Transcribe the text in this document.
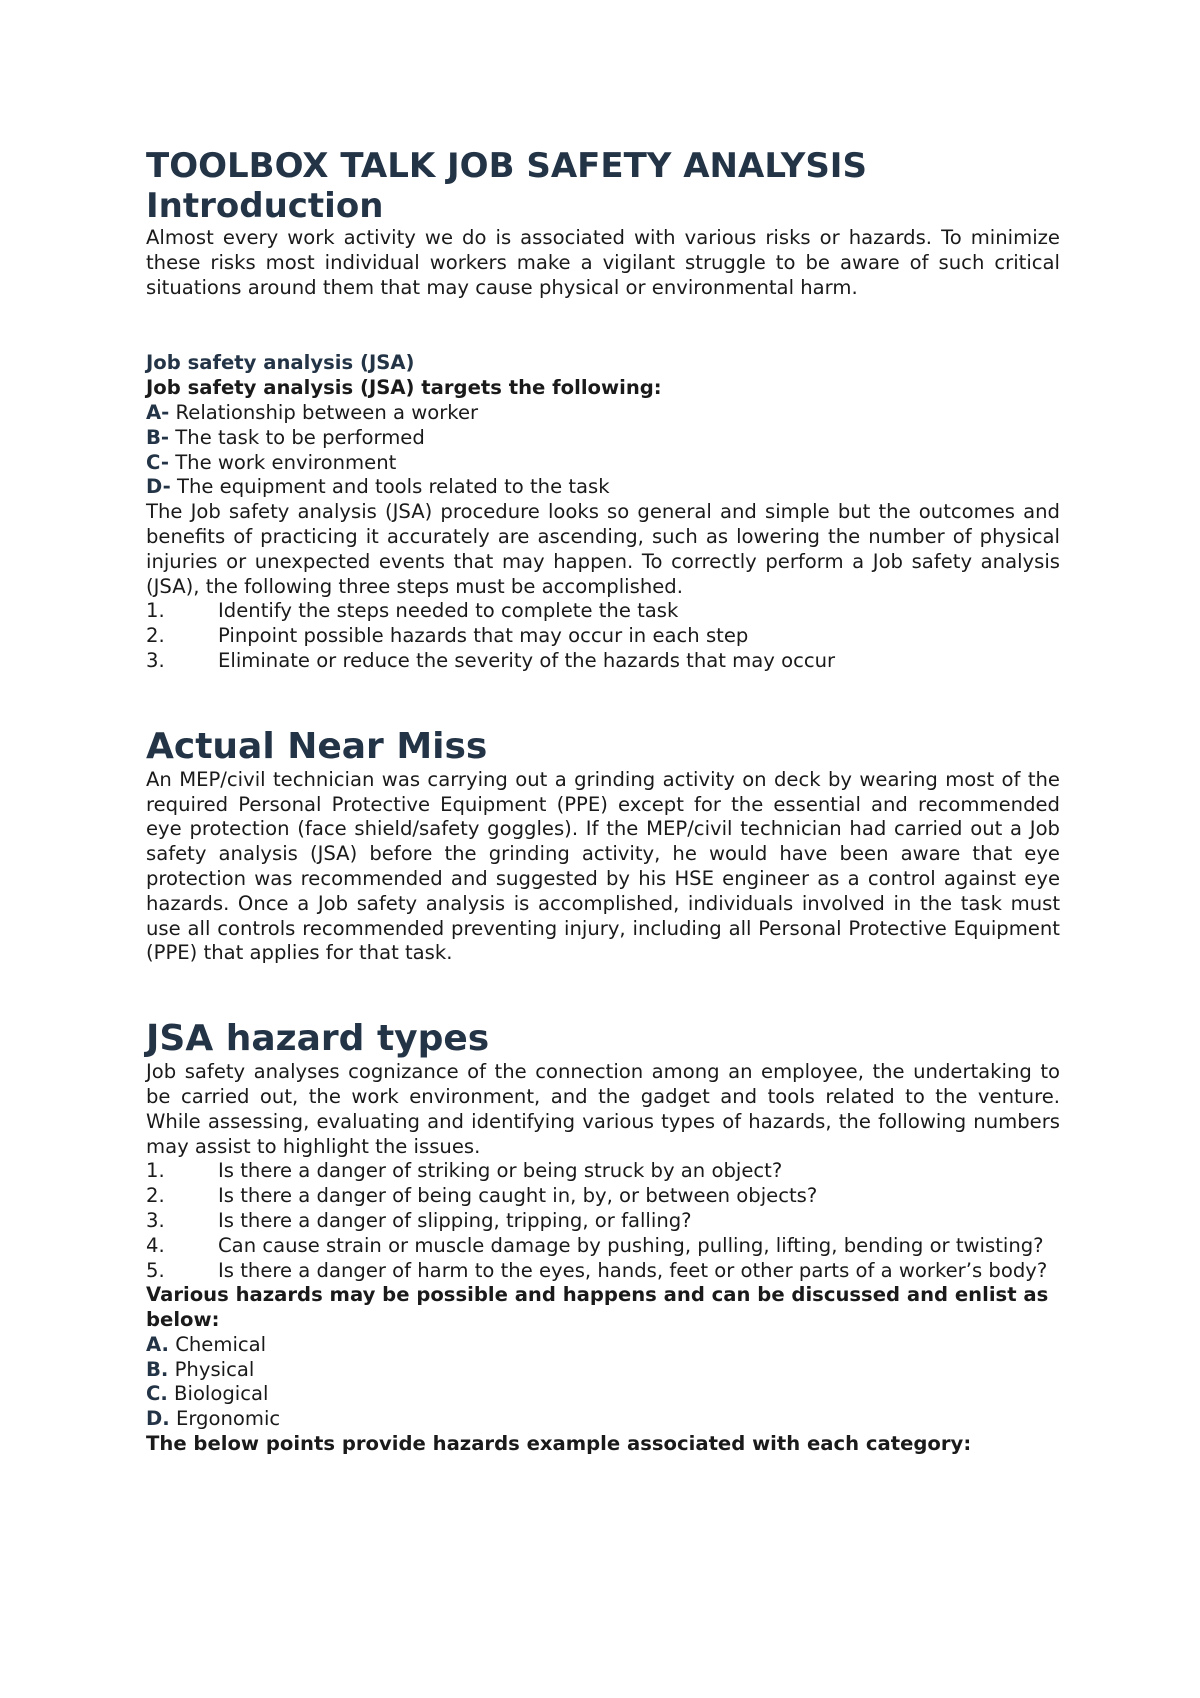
TOOLBOX TALK JOB SAFETY ANALYSIS
Introduction

Almost every work activity we do is associated with various risks or hazards. To minimize these risks most individual workers make a vigilant struggle to be aware of such critical situations around them that may cause physical or environmental harm.

Job safety analysis (JSA)

Job safety analysis (JSA) targets the following:

A- Relationship between a worker

B- The task to be performed

C- The work environment

D- The equipment and tools related to the task

The Job safety analysis (JSA) procedure looks so general and simple but the outcomes and benefits of practicing it accurately are ascending, such as lowering the number of physical injuries or unexpected events that may happen. To correctly perform a Job safety analysis (JSA), the following three steps must be accomplished.

1.	Identify the steps needed to complete the task
2.	Pinpoint possible hazards that may occur in each step
3.	Eliminate or reduce the severity of the hazards that may occur
Actual Near Miss

An MEP/civil technician was carrying out a grinding activity on deck by wearing most of the required Personal Protective Equipment (PPE) except for the essential and recommended eye protection (face shield/safety goggles). If the MEP/civil technician had carried out a Job safety analysis (JSA) before the grinding activity, he would have been aware that eye protection was recommended and suggested by his HSE engineer as a control against eye hazards. Once a Job safety analysis is accomplished, individuals involved in the task must use all controls recommended preventing injury, including all Personal Protective Equipment (PPE) that applies for that task.

JSA hazard types

Job safety analyses cognizance of the connection among an employee, the undertaking to be carried out, the work environment, and the gadget and tools related to the venture. While assessing, evaluating and identifying various types of hazards, the following numbers may assist to highlight the issues.

1.	Is there a danger of striking or being struck by an object?
2.	Is there a danger of being caught in, by, or between objects?
3.	Is there a danger of slipping, tripping, or falling?
4.	Can cause strain or muscle damage by pushing, pulling, lifting, bending or twisting?
5.	Is there a danger of harm to the eyes, hands, feet or other parts of a worker’s body?

Various hazards may be possible and happens and can be discussed and enlist as below:

A. Chemical

B. Physical

C. Biological

D. Ergonomic

The below points provide hazards example associated with each category:
